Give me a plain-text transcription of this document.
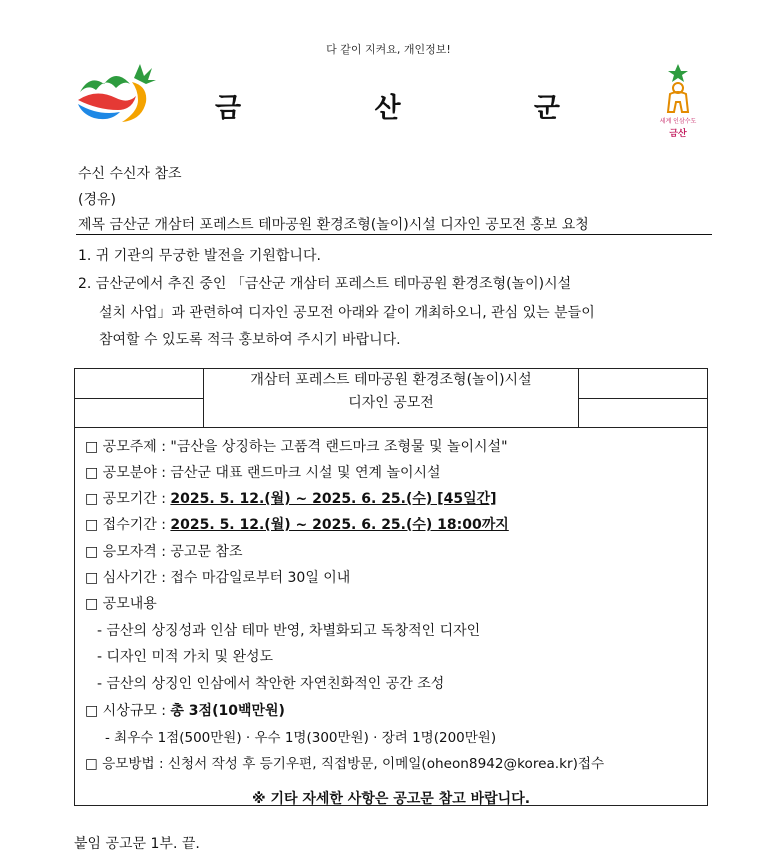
다 같이 지켜요, 개인정보!
금 산 군	세계 인삼수도
금산
수신 수신자 참조
(경유)
제목 금산군 개삼터 포레스트 테마공원 환경조형(놀이)시설 디자인 공모전 홍보 요청
1. 귀 기관의 무궁한 발전을 기원합니다.
2. 금산군에서 추진 중인 「금산군 개삼터 포레스트 테마공원 환경조형(놀이)시설
설치 사업」과 관련하여 디자인 공모전 아래와 같이 개최하오니, 관심 있는 분들이
참여할 수 있도록 적극 홍보하여 주시기 바랍니다.
개삼터 포레스트 테마공원 환경조형(놀이)시설
디자인 공모전
□ 공모주제 : "금산을 상징하는 고품격 랜드마크 조형물 및 놀이시설"
□ 공모분야 : 금산군 대표 랜드마크 시설 및 연계 놀이시설
□ 공모기간 : 2025. 5. 12.(월) ~ 2025. 6. 25.(수) [45일간]
□ 접수기간 : 2025. 5. 12.(월) ~ 2025. 6. 25.(수) 18:00까지
□ 응모자격 : 공고문 참조
□ 심사기간 : 접수 마감일로부터 30일 이내
□ 공모내용
- 금산의 상징성과 인삼 테마 반영, 차별화되고 독창적인 디자인
- 디자인 미적 가치 및 완성도
- 금산의 상징인 인삼에서 착안한 자연친화적인 공간 조성
□ 시상규모 : 총 3점(10백만원)
- 최우수 1점(500만원) · 우수 1명(300만원) · 장려 1명(200만원)
□ 응모방법 : 신청서 작성 후 등기우편, 직접방문, 이메일(oheon8942@korea.kr)접수
※ 기타 자세한 사항은 공고문 참고 바랍니다.
붙임 공고문 1부. 끝.
